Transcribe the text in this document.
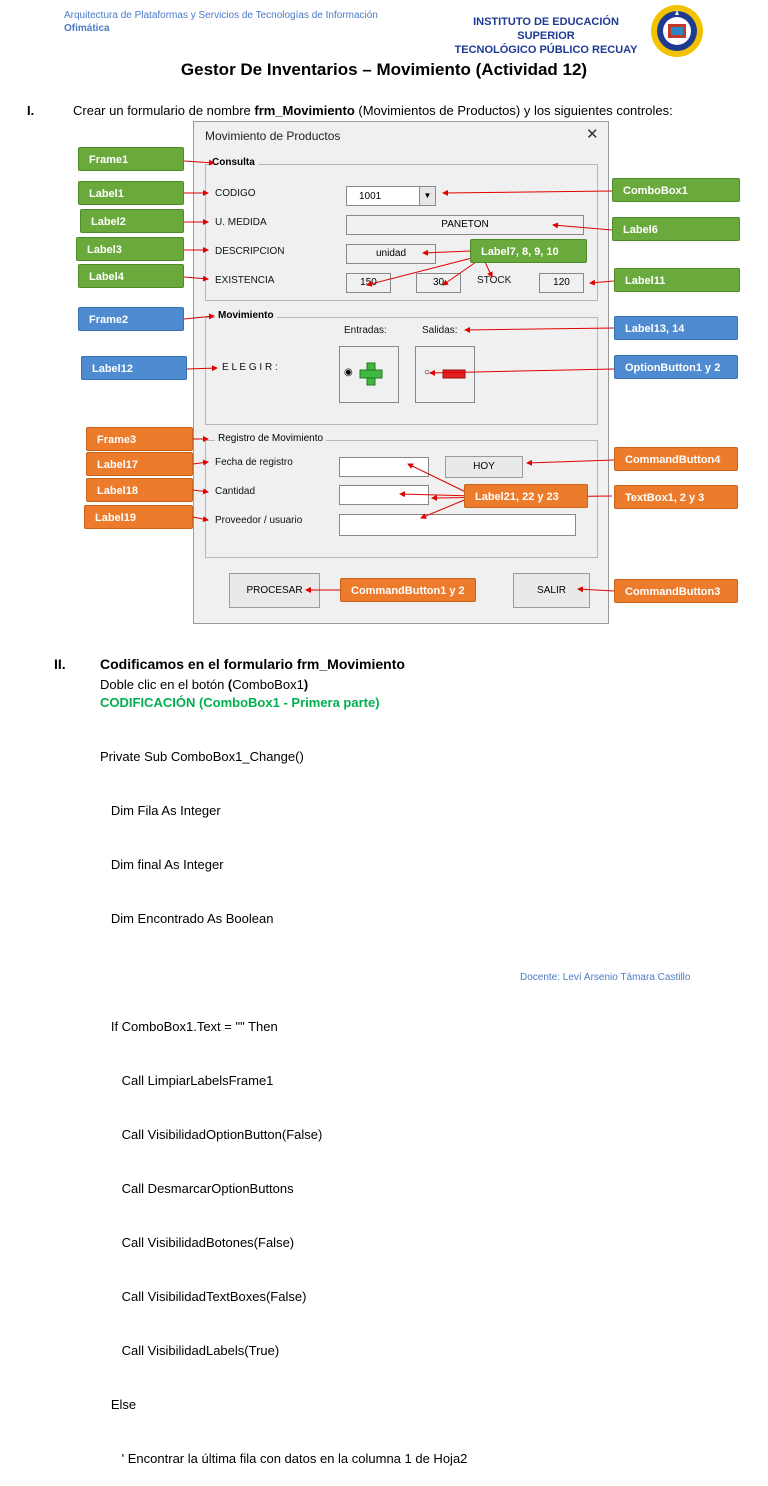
Arquitectura de Plataformas y Servicios de Tecnologías de Información
Ofimática
INSTITUTO DE EDUCACIÓN SUPERIOR
TECNOLÓGICO PÚBLICO RECUAY
Gestor De Inventarios – Movimiento (Actividad 12)
I.	Crear un formulario de nombre frm_Movimiento (Movimientos de Productos) y los siguientes controles:
Movimiento de Productos	✕
Consulta
CODIGO	1001	▼
U. MEDIDA	PANETON
DESCRIPCION	unidad
EXISTENCIA	150	30	STOCK	120
Movimiento
Entradas:	Salidas:
E L E G I R :	◉	○
Registro de Movimiento
Fecha de registro	HOY
Cantidad
Proveedor / usuario
PROCESAR	SALIR
Frame1
Label1
Label2
Label3
Label4
ComboBox1
Label6
Label7, 8, 9, 10
Label11
Frame2
Label13, 14
Label12	OptionButton1 y 2
Frame3
Label17
Label18
Label19
CommandButton4
Label21, 22 y 23	TextBox1, 2 y 3
CommandButton1 y 2	CommandButton3
II. Codificamos en el formulario frm_Movimiento
Doble clic en el botón (ComboBox1)
CODIFICACIÓN (ComboBox1 - Primera parte)

Private Sub ComboBox1_Change()

Dim Fila As Integer

Dim final As Integer

Dim Encontrado As Boolean

If ComboBox1.Text = "" Then

Call LimpiarLabelsFrame1

Call VisibilidadOptionButton(False)

Call DesmarcarOptionButtons

Call VisibilidadBotones(False)

Call VisibilidadTextBoxes(False)

Call VisibilidadLabels(True)

Else

' Encontrar la última fila con datos en la columna 1 de Hoja2

Docente: Leví Arsenio Támara Castillo
